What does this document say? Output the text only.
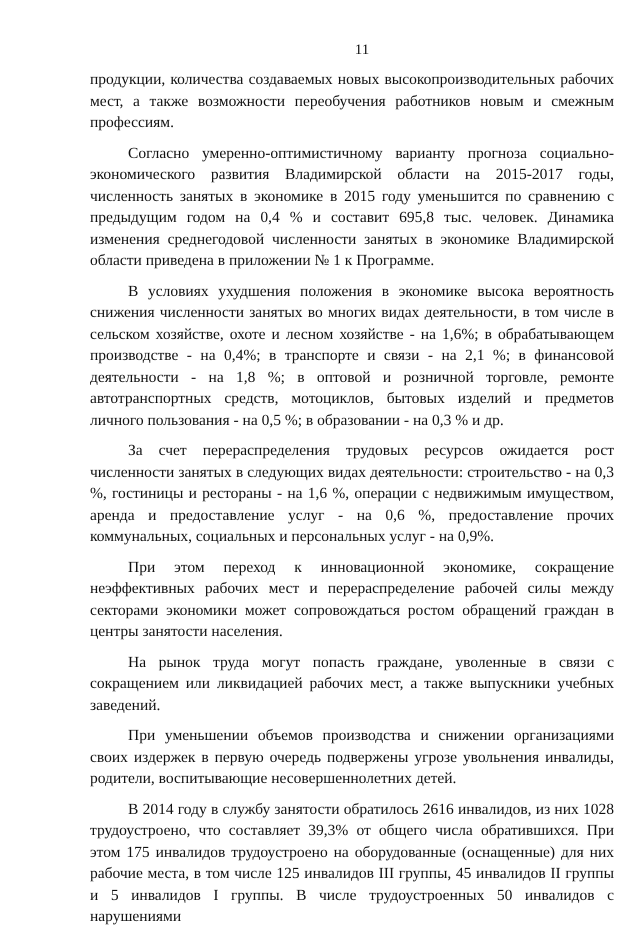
11

продукции, количества создаваемых новых высокопроизводительных рабочих мест, а также возможности переобучения работников новым и смежным профессиям.

Согласно умеренно-оптимистичному варианту прогноза социально-экономического развития Владимирской области на 2015-2017 годы, численность занятых в экономике в 2015 году уменьшится по сравнению с предыдущим годом на 0,4 % и составит 695,8 тыс. человек. Динамика изменения среднегодовой численности занятых в экономике Владимирской области приведена в приложении № 1 к Программе.

В условиях ухудшения положения в экономике высока вероятность снижения численности занятых во многих видах деятельности, в том числе в сельском хозяйстве, охоте и лесном хозяйстве - на 1,6%; в обрабатывающем производстве - на 0,4%; в транспорте и связи - на 2,1 %; в финансовой деятельности - на 1,8 %; в оптовой и розничной торговле, ремонте автотранспортных средств, мотоциклов, бытовых изделий и предметов личного пользования - на 0,5 %; в образовании - на 0,3 % и др.

За счет перераспределения трудовых ресурсов ожидается рост численности занятых в следующих видах деятельности: строительство - на 0,3 %, гостиницы и рестораны - на 1,6 %, операции с недвижимым имуществом, аренда и предоставление услуг - на 0,6 %, предоставление прочих коммунальных, социальных и персональных услуг - на 0,9%.

При этом переход к инновационной экономике, сокращение неэффективных рабочих мест и перераспределение рабочей силы между секторами экономики может сопровождаться ростом обращений граждан в центры занятости населения.

На рынок труда могут попасть граждане, уволенные в связи с сокращением или ликвидацией рабочих мест, а также выпускники учебных заведений.

При уменьшении объемов производства и снижении организациями своих издержек в первую очередь подвержены угрозе увольнения инвалиды, родители, воспитывающие несовершеннолетних детей.

В 2014 году в службу занятости обратилось 2616 инвалидов, из них 1028 трудоустроено, что составляет 39,3% от общего числа обратившихся. При этом 175 инвалидов трудоустроено на оборудованные (оснащенные) для них рабочие места, в том числе 125 инвалидов III группы, 45 инвалидов II группы и 5 инвалидов I группы. В числе трудоустроенных 50 инвалидов с нарушениями
